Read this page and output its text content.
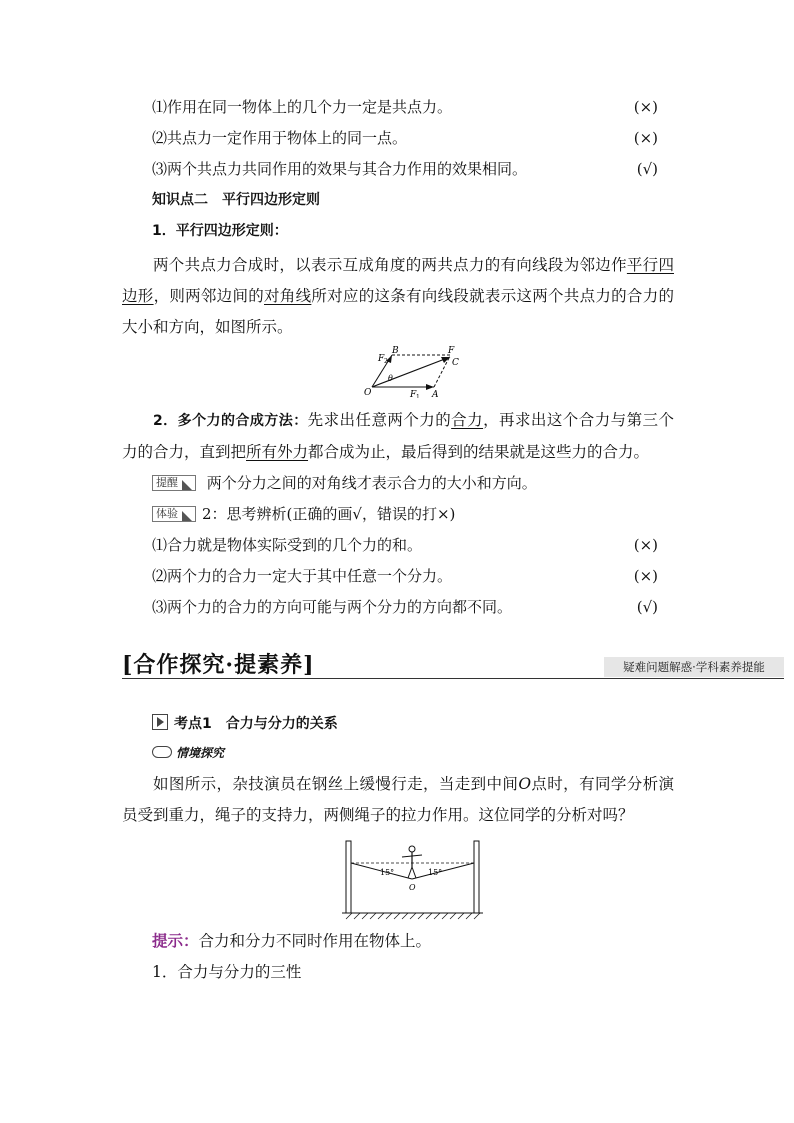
⑴作用在同一物体上的几个力一定是共点力。	(×)
⑵共点力一定作用于物体上的同一点。	(×)
⑶两个共点力共同作用的效果与其合力作用的效果相同。	(√)
知识点二　平行四边形定则
1．平行四边形定则：
两个共点力合成时，以表示互成角度的两共点力的有向线段为邻边作平行四边形，则两邻边间的对角线所对应的这条有向线段就表示这两个共点力的合力的大小和方向，如图所示。
O	A
B
C
F
F 1
F 2
θ
2．多个力的合成方法：先求出任意两个力的合力，再求出这个合力与第三个力的合力，直到把所有外力都合成为止，最后得到的结果就是这些力的合力。
提醒 两个分力之间的对角线才表示合力的大小和方向。
体验 2：思考辨析(正确的画√，错误的打×)
⑴合力就是物体实际受到的几个力的和。	(×)
⑵两个力的合力一定大于其中任意一个分力。	(×)
⑶两个力的合力的方向可能与两个分力的方向都不同。	(√)
[合作探究·提素养]	疑难问题解惑·学科素养提能
考点1　合力与分力的关系
情境探究
如图所示，杂技演员在钢丝上缓慢行走，当走到中间O点时，有同学分析演员受到重力，绳子的支持力，两侧绳子的拉力作用。这位同学的分析对吗？
15°	15°
O
提示：合力和分力不同时作用在物体上。
1．合力与分力的三性
